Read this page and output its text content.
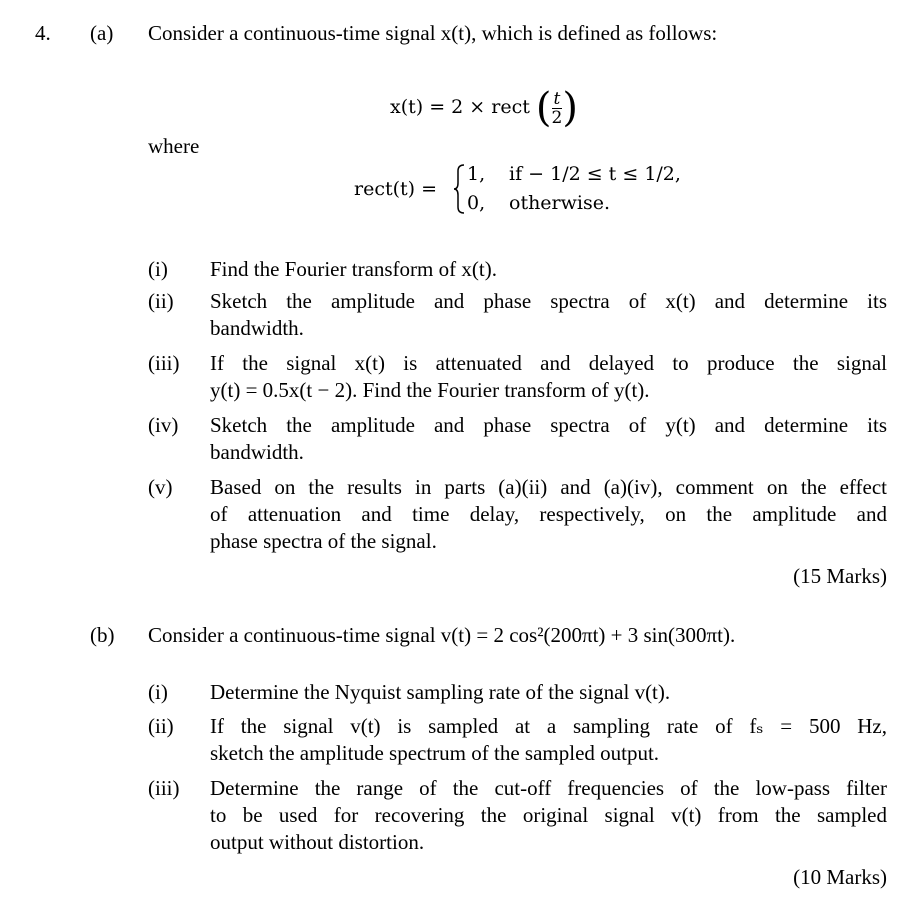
4. (a) Consider a continuous-time signal x(t), which is defined as follows:
x(t) = 2 × rect ( $\frac{t}{2}$ )
where
rect(t) =
1, if − 1/2 ≤ t ≤ 1/2,
0, otherwise.
(i) Find the Fourier transform of x(t).
(ii) Sketch the amplitude and phase spectra of x(t) and determine its
bandwidth.
(iii) If the signal x(t) is attenuated and delayed to produce the signal
y(t) = 0.5x(t − 2). Find the Fourier transform of y(t).
(iv) Sketch the amplitude and phase spectra of y(t) and determine its
bandwidth.
(v) Based on the results in parts (a)(ii) and (a)(iv), comment on the effect
of attenuation and time delay, respectively, on the amplitude and
phase spectra of the signal.
(15 Marks)
(b) Consider a continuous-time signal v(t) = 2 cos²(200πt) + 3 sin(300πt).
(i) Determine the Nyquist sampling rate of the signal v(t).
(ii) If the signal v(t) is sampled at a sampling rate of fₛ = 500 Hz,
sketch the amplitude spectrum of the sampled output.
(iii) Determine the range of the cut-off frequencies of the low-pass filter
to be used for recovering the original signal v(t) from the sampled
output without distortion.
(10 Marks)
